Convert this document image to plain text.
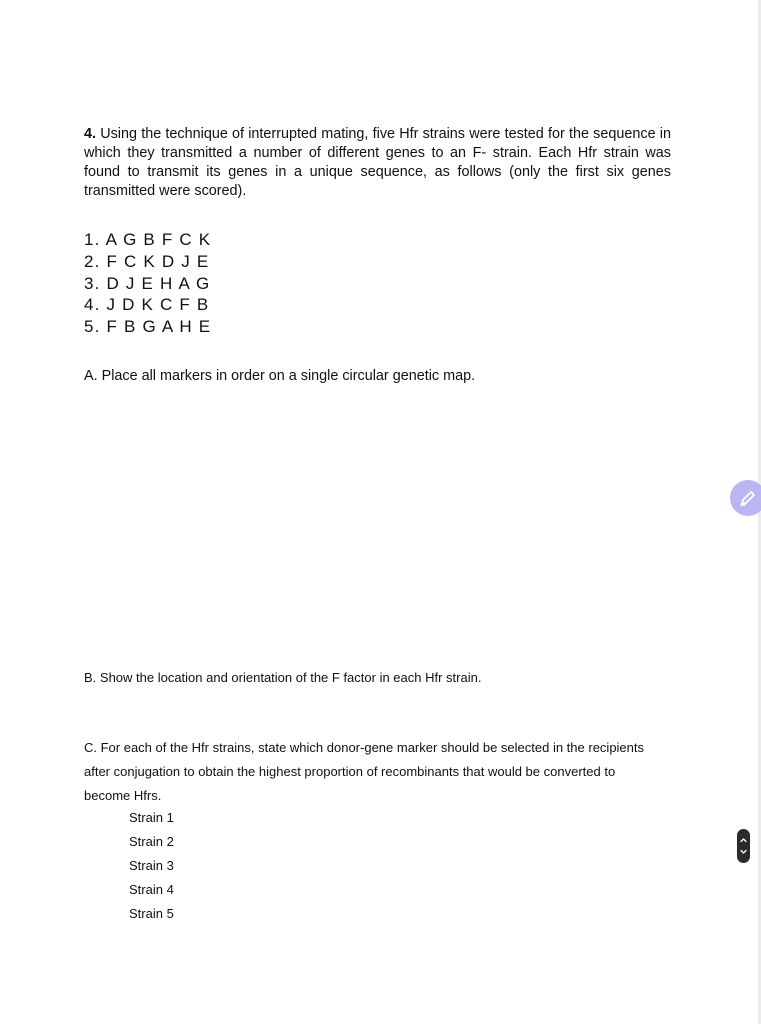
4. Using the technique of interrupted mating, five Hfr strains were tested for the sequence in which they transmitted a number of different genes to an F- strain. Each Hfr strain was found to transmit its genes in a unique sequence, as follows (only the first six genes transmitted were scored).

1. A G B F C K
2. F C K D J E
3. D J E H A G
4. J D K C F B
5. F B G A H E

A. Place all markers in order on a single circular genetic map.

B. Show the location and orientation of the F factor in each Hfr strain.

C. For each of the Hfr strains, state which donor-gene marker should be selected in the recipients after conjugation to obtain the highest proportion of recombinants that would be converted to become Hfrs.

Strain 1
Strain 2
Strain 3
Strain 4
Strain 5
